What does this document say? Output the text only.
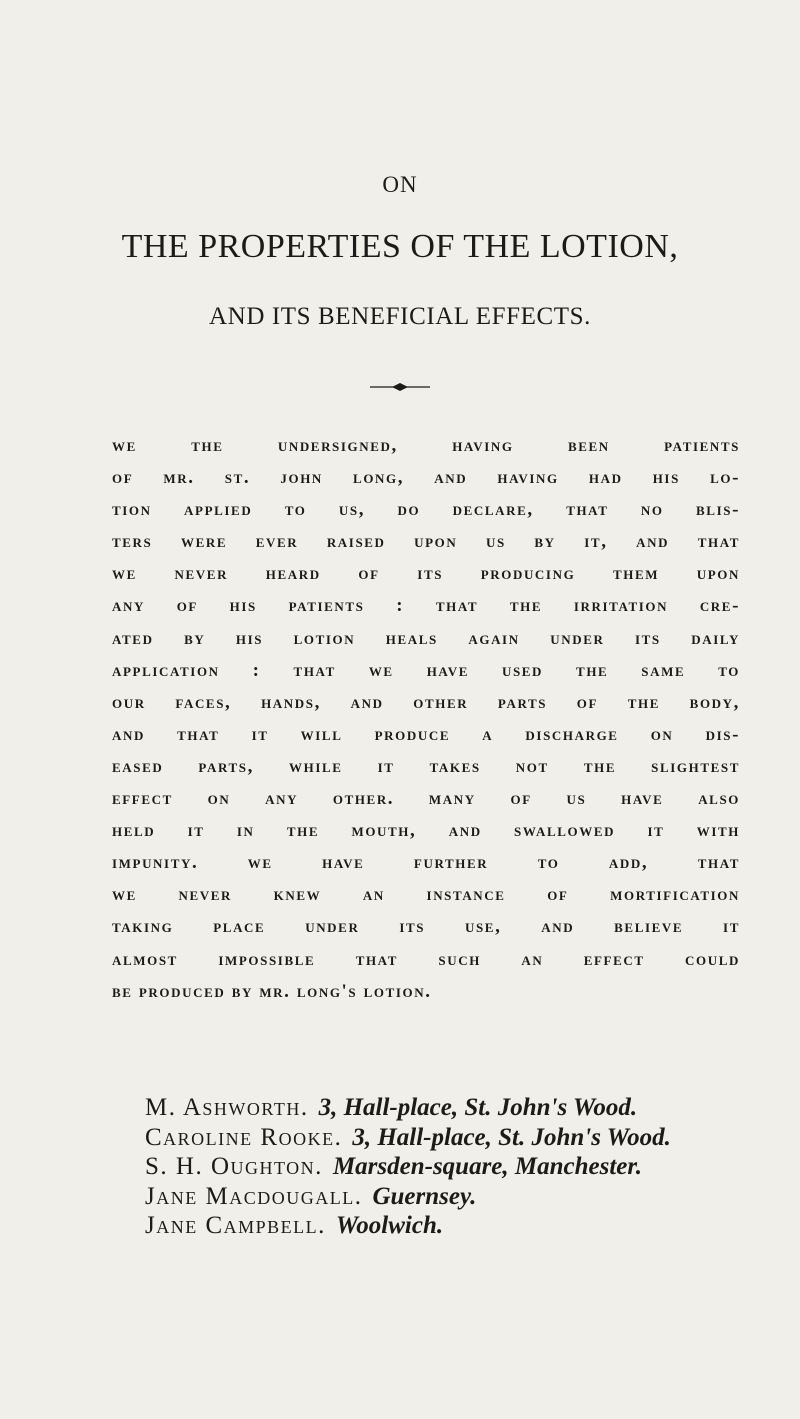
ON
THE PROPERTIES OF THE LOTION,
AND ITS BENEFICIAL EFFECTS.
we the undersigned, having been patients
of mr. st. john long, and having had his lo-
tion applied to us, do declare, that no blis-
ters were ever raised upon us by it, and that
we never heard of its producing them upon
any of his patients : that the irritation cre-
ated by his lotion heals again under its daily
application : that we have used the same to
our faces, hands, and other parts of the body,
and that it will produce a discharge on dis-
eased parts, while it takes not the slightest
effect on any other. many of us have also
held it in the mouth, and swallowed it with
impunity. we have further to add, that
we never knew an instance of mortification
taking place under its use, and believe it
almost impossible that such an effect could
be produced by mr. long's lotion.
M. Ashworth. 3, Hall-place, St. John's Wood.
Caroline Rooke. 3, Hall-place, St. John's Wood.
S. H. Oughton. Marsden-square, Manchester.
Jane Macdougall. Guernsey.
Jane Campbell. Woolwich.
